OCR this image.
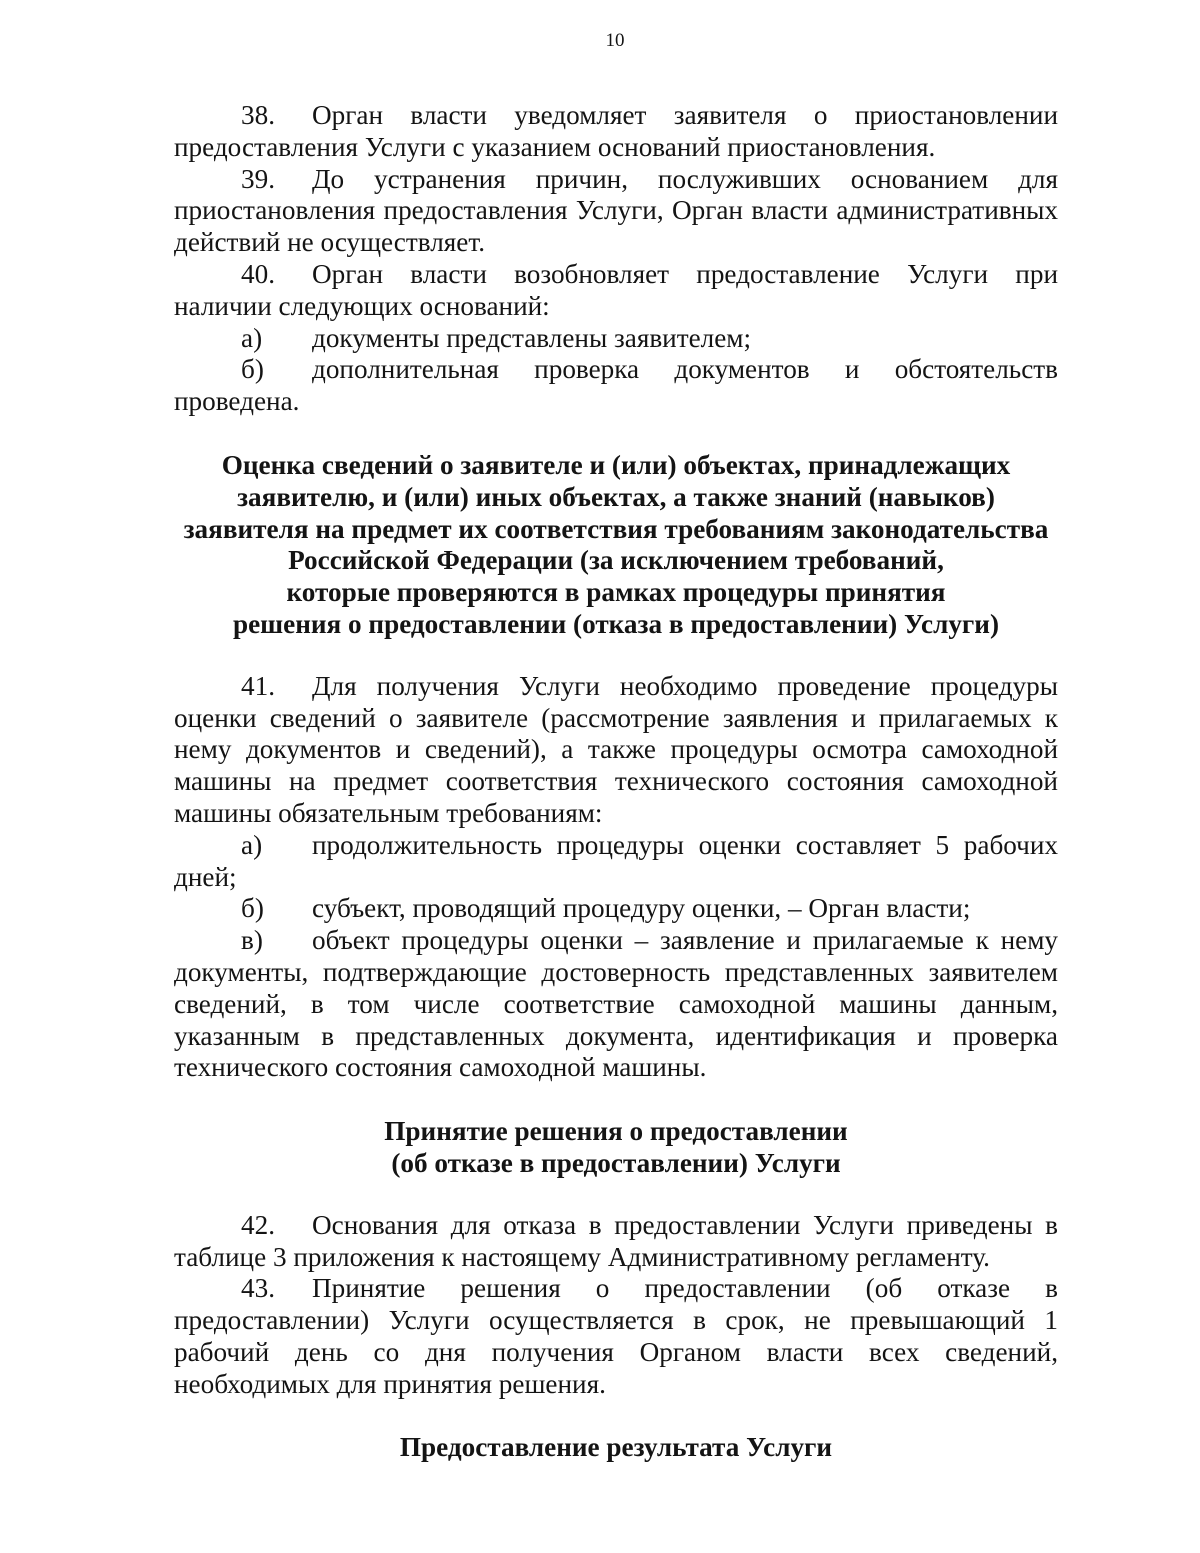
10

38. Орган власти уведомляет заявителя о приостановлении предоставления Услуги с указанием оснований приостановления.

39. До устранения причин, послуживших основанием для приостановления предоставления Услуги, Орган власти административных действий не осуществляет.

40. Орган власти возобновляет предоставление Услуги при наличии следующих оснований:

а) документы представлены заявителем;

б) дополнительная проверка документов и обстоятельств проведена.

Оценка сведений о заявителе и (или) объектах, принадлежащих
заявителю, и (или) иных объектах, а также знаний (навыков)
заявителя на предмет их соответствия требованиям законодательства
Российской Федерации (за исключением требований,
которые проверяются в рамках процедуры принятия
решения о предоставлении (отказа в предоставлении) Услуги)

41. Для получения Услуги необходимо проведение процедуры оценки сведений о заявителе (рассмотрение заявления и прилагаемых к нему документов и сведений), а также процедуры осмотра самоходной машины на предмет соответствия технического состояния самоходной машины обязательным требованиям:

а) продолжительность процедуры оценки составляет 5 рабочих дней;

б) субъект, проводящий процедуру оценки, – Орган власти;

в) объект процедуры оценки – заявление и прилагаемые к нему документы, подтверждающие достоверность представленных заявителем сведений, в том числе соответствие самоходной машины данным, указанным в представленных документа, идентификация и проверка технического состояния самоходной машины.

Принятие решения о предоставлении
(об отказе в предоставлении) Услуги

42. Основания для отказа в предоставлении Услуги приведены в таблице 3 приложения к настоящему Административному регламенту.

43. Принятие решения о предоставлении (об отказе в предоставлении) Услуги осуществляется в срок, не превышающий 1 рабочий день со дня получения Органом власти всех сведений, необходимых для принятия решения.

Предоставление результата Услуги
